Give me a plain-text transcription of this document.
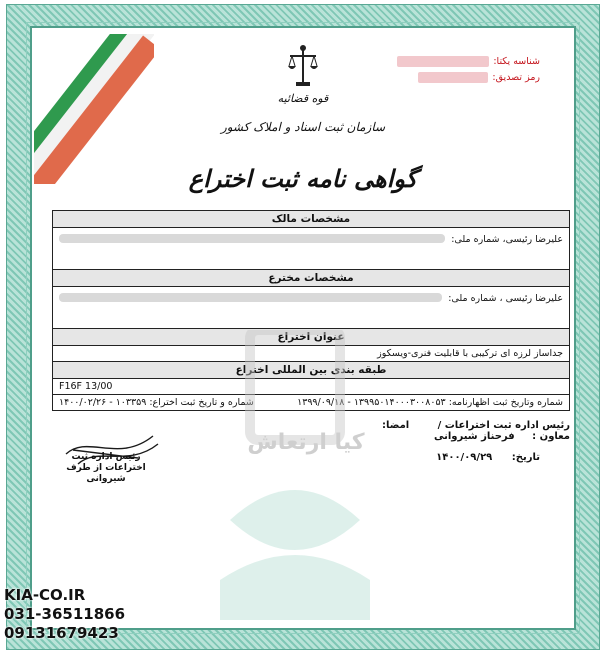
قوه قضائیه
سازمان ثبت اسناد و املاک کشور
گواهی نامه ثبت اختراع
شناسه یکتا:
رمز تصدیق:
مشخصات مالک
علیرضا رئیسی، شماره ملی:
مشخصات مخترع
علیرضا رئیسی ، شماره ملی:
عنوان اختراع
جداساز لرزه ای ترکیبی با قابلیت فنری-ویسکوز
طبقه بندی بین المللی اختراع
F16F 13/00
شماره وتاریخ ثبت اظهارنامه: ۱۳۹۹۵۰۱۴۰۰۰۳۰۰۸۰۵۳ - ۱۳۹۹/۰۹/۱۸
شماره و تاریخ ثبت اختراع: ۱۰۳۳۵۹ - ۱۴۰۰/۰۲/۲۶
کیا ارتعاش
رئیس اداره ثبت اختراعات /معاون : فرحناز شیروانی
امضا:
تاریخ: ۱۴۰۰/۰۹/۲۹
رئیس اداره ثبت اختراعات از طرف شیروانی
KIA-CO.IR
031-36511866
09131679423
